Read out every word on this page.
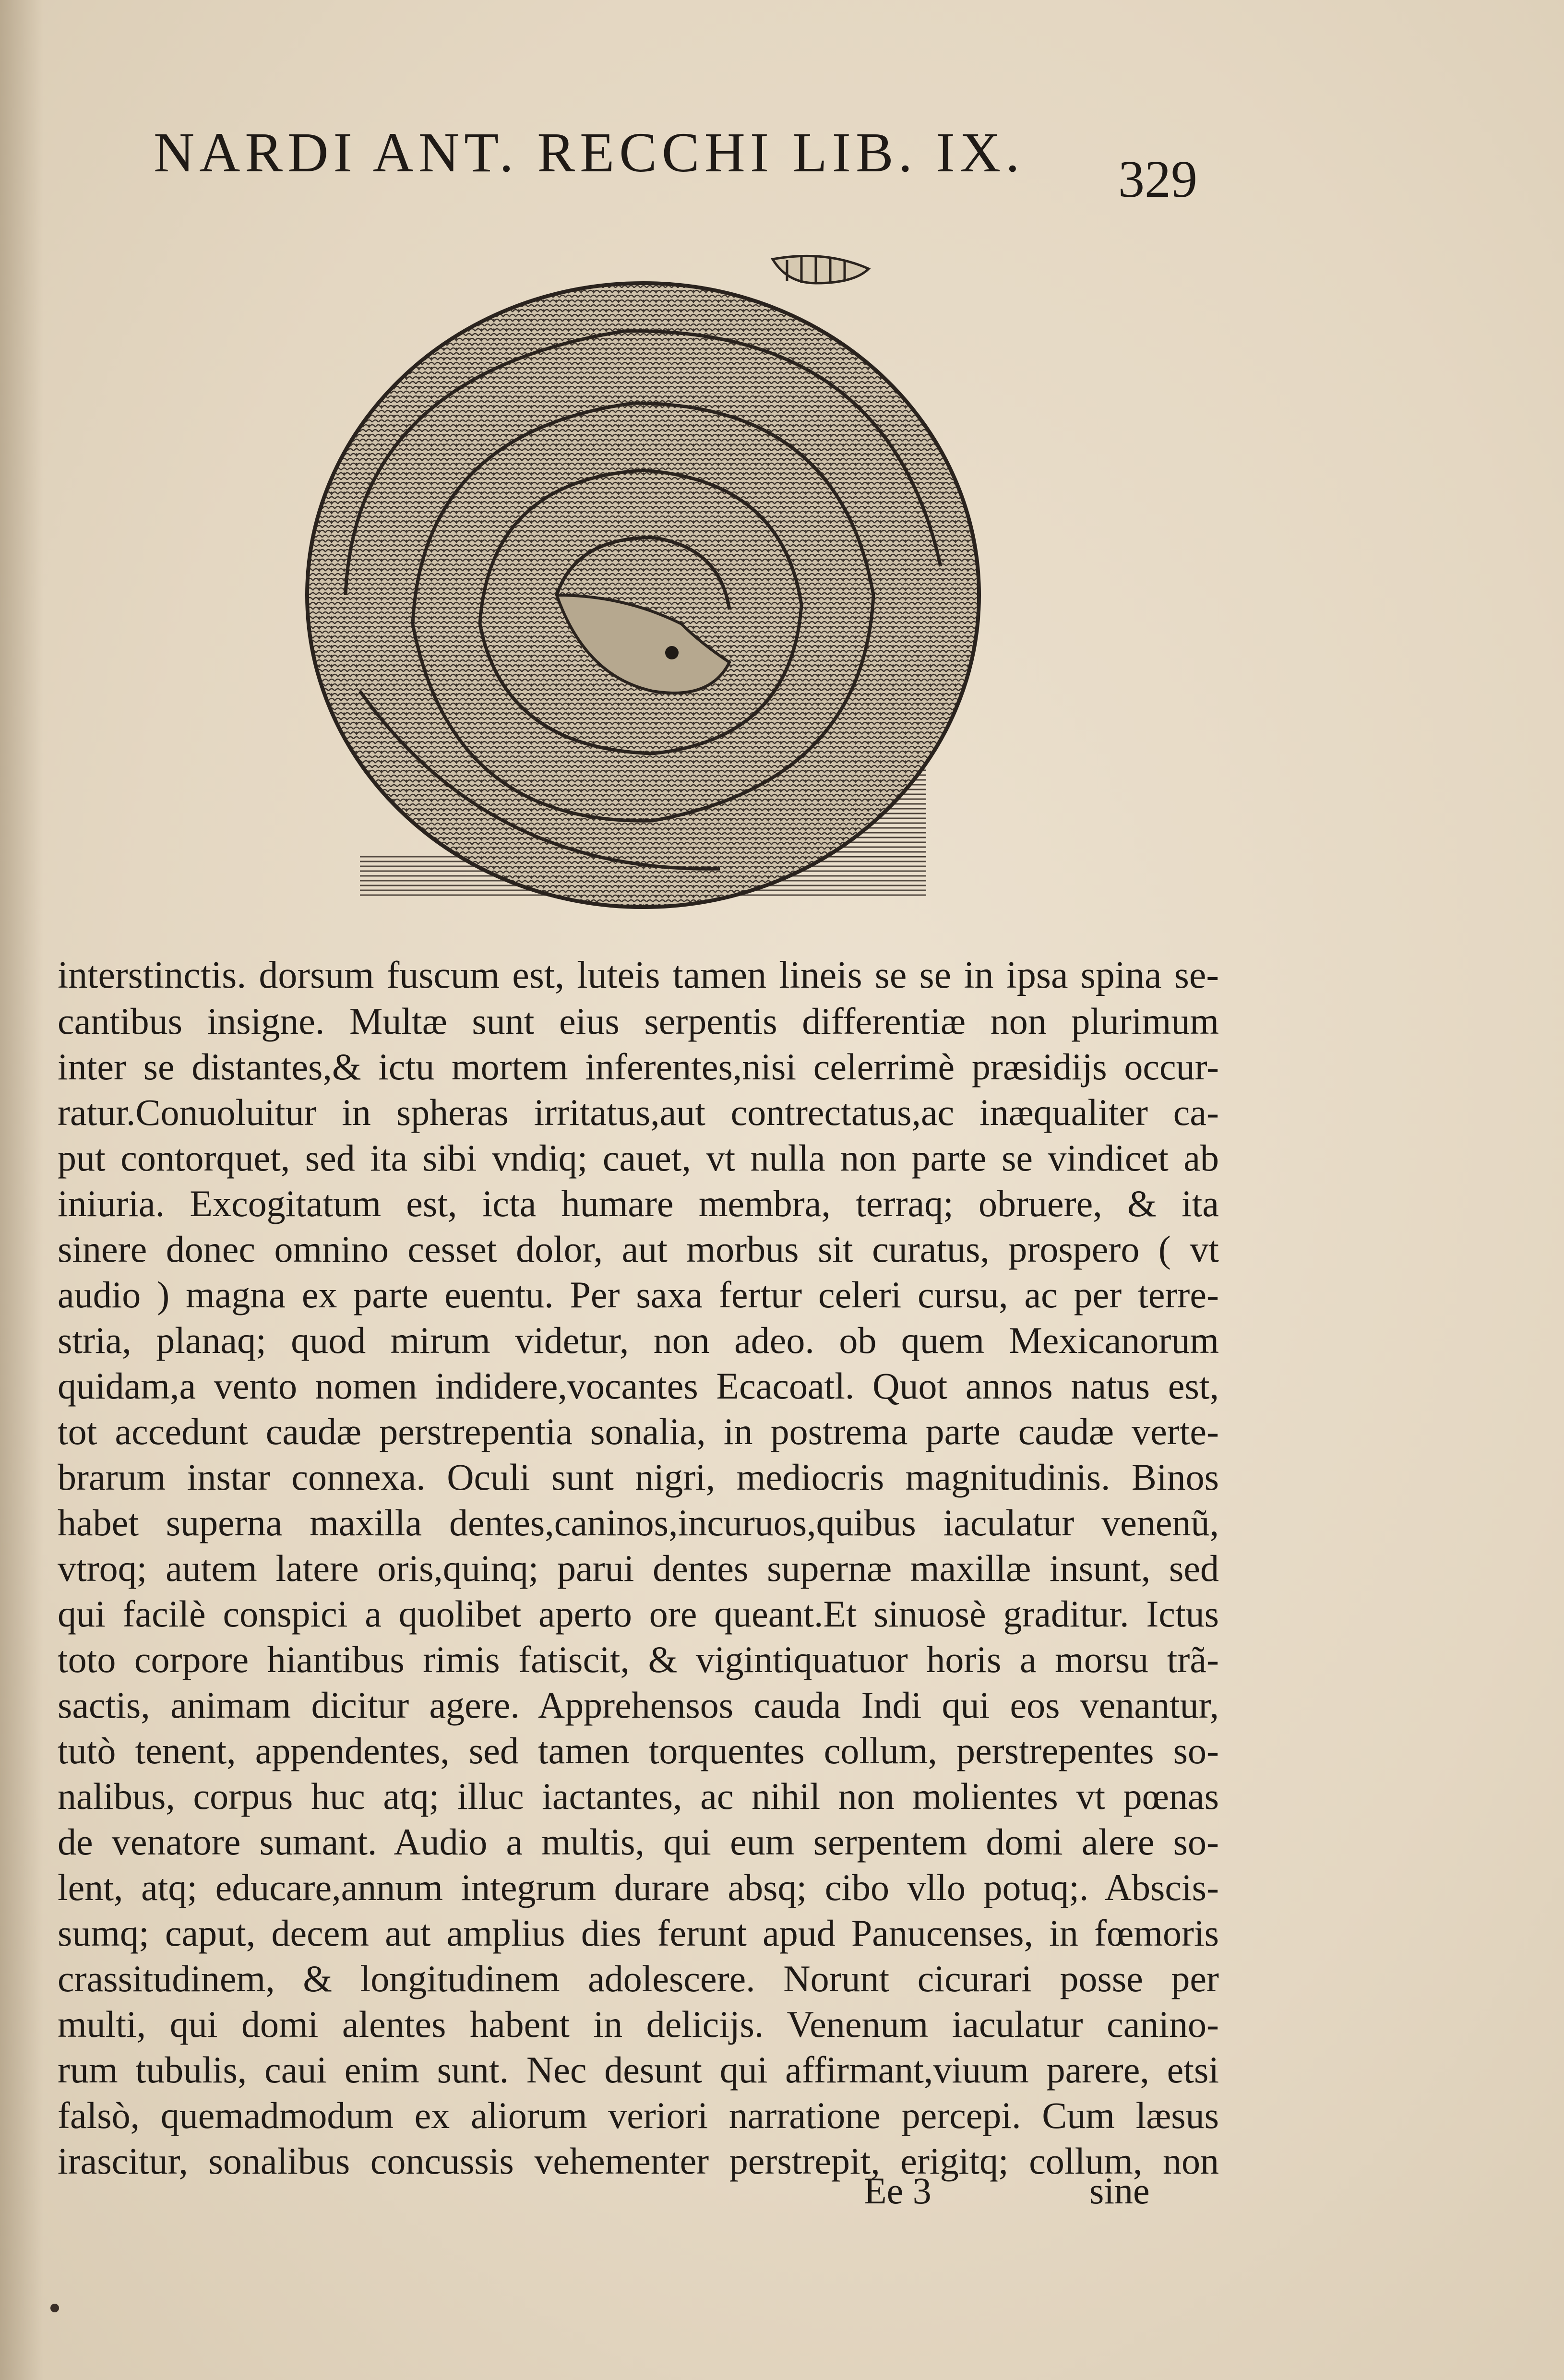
NARDI ANT. RECCHI LIB. IX. 329
interstinctis. dorsum fuscum est, luteis tamen lineis se se in ipsa spina se-
cantibus insigne. Multæ sunt eius serpentis differentiæ non plurimum
inter se distantes,& ictu mortem inferentes,nisi celerrimè præsidijs occur-
ratur.Conuoluitur in spheras irritatus,aut contrectatus,ac inæqualiter ca-
put contorquet, sed ita sibi vndiq; cauet, vt nulla non parte se vindicet ab
iniuria. Excogitatum est, icta humare membra, terraq; obruere, & ita
sinere donec omnino cesset dolor, aut morbus sit curatus, prospero ( vt
audio ) magna ex parte euentu. Per saxa fertur celeri cursu, ac per terre-
stria, planaq; quod mirum videtur, non adeo. ob quem Mexicanorum
quidam,a vento nomen indidere,vocantes Ecacoatl. Quot annos natus est,
tot accedunt caudæ perstrepentia sonalia, in postrema parte caudæ verte-
brarum instar connexa. Oculi sunt nigri, mediocris magnitudinis. Binos
habet superna maxilla dentes,caninos,incuruos,quibus iaculatur venenũ,
vtroq; autem latere oris,quinq; parui dentes supernæ maxillæ insunt, sed
qui facilè conspici a quolibet aperto ore queant.Et sinuosè graditur. Ictus
toto corpore hiantibus rimis fatiscit, & vigintiquatuor horis a morsu trã-
sactis, animam dicitur agere. Apprehensos cauda Indi qui eos venantur,
tutò tenent, appendentes, sed tamen torquentes collum, perstrepentes so-
nalibus, corpus huc atq; illuc iactantes, ac nihil non molientes vt pœnas
de venatore sumant. Audio a multis, qui eum serpentem domi alere so-
lent, atq; educare,annum integrum durare absq; cibo vllo potuq;. Abscis-
sumq; caput, decem aut amplius dies ferunt apud Panucenses, in fœmoris
crassitudinem, & longitudinem adolescere. Norunt cicurari posse per
multi, qui domi alentes habent in delicijs. Venenum iaculatur canino-
rum tubulis, caui enim sunt. Nec desunt qui affirmant,viuum parere, etsi
falsò, quemadmodum ex aliorum veriori narratione percepi. Cum læsus
irascitur, sonalibus concussis vehementer perstrepit, erigitq; collum, non
Ee 3	sine
